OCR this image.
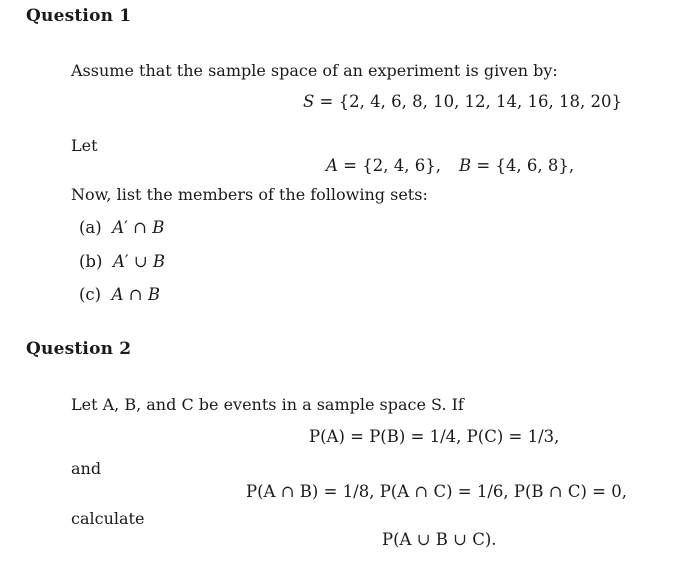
Question 1
Assume that the sample space of an experiment is given by:
S = {2, 4, 6, 8, 10, 12, 14, 16, 18, 20}
Let
A = {2, 4, 6}, B = {4, 6, 8},
Now, list the members of the following sets:
(a) A′ ∩ B
(b) A′ ∪ B
(c) A ∩ B
Question 2
Let A, B, and C be events in a sample space S. If
P(A) = P(B) = 1/4, P(C) = 1/3,
and
P(A ∩ B) = 1/8, P(A ∩ C) = 1/6, P(B ∩ C) = 0,
calculate
P(A ∪ B ∪ C).
